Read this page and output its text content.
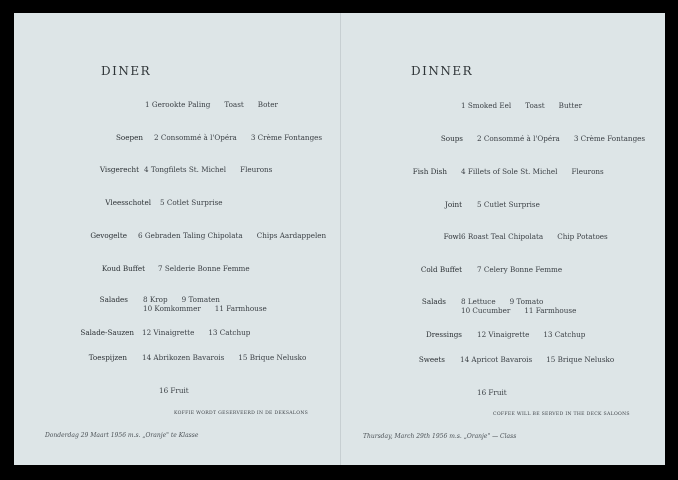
DINER
1 Gerookte Paling Toast Boter
Soepen 2 Consommé à l'Opéra 3 Crème Fontanges
Visgerecht 4 Tongfilets St. Michel Fleurons
Vleesschotel 5 Cotlet Surprise
Gevogelte 6 Gebraden Taling Chipolata Chips Aardappelen
Koud Buffet 7 Selderie Bonne Femme
Salades 8 Krop 9 Tomaten
10 Komkommer 11 Farmhouse
Salade-Sauzen 12 Vinaigrette 13 Catchup
Toespijzen 14 Abrikozen Bavarois 15 Brique Nelusko
16 Fruit
KOFFIE WORDT GESERVEERD IN DE DEKSALONS
Donderdag 29 Maart 1956 m.s. „Oranje" te Klasse
DINNER
1 Smoked Eel Toast Butter
Soups 2 Consommé à l'Opéra 3 Crème Fontanges
Fish Dish 4 Fillets of Sole St. Michel Fleurons
Joint 5 Cutlet Surprise
Fowl 6 Roast Teal Chipolata Chip Potatoes
Cold Buffet 7 Celery Bonne Femme
Salads 8 Lettuce 9 Tomato
10 Cucumber 11 Farmhouse
Dressings 12 Vinaigrette 13 Catchup
Sweets 14 Apricot Bavarois 15 Brique Nelusko
16 Fruit
COFFEE WILL BE SERVED IN THE DECK SALOONS
Thursday, March 29th 1956 m.s. „Oranje" — Class
